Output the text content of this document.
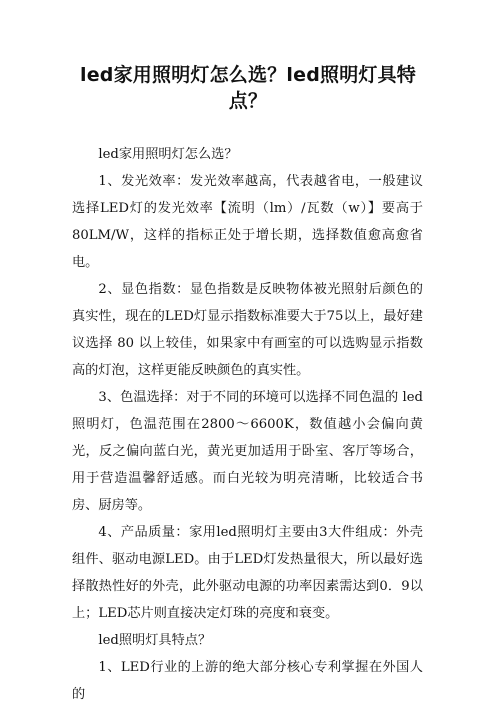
led家用照明灯怎么选？led照明灯具特点？

led家用照明灯怎么选？

1、发光效率：发光效率越高，代表越省电，一般建议选择LED灯的发光效率【流明（lm）/瓦数（w）】要高于80LM/W，这样的指标正处于增长期，选择数值愈高愈省电。

2、显色指数：显色指数是反映物体被光照射后颜色的真实性，现在的LED灯显示指数标准要大于75以上，最好建议选择 80 以上较佳，如果家中有画室的可以选购显示指数高的灯泡，这样更能反映颜色的真实性。

3、色温选择：对于不同的环境可以选择不同色温的 led照明灯，色温范围在2800～6600K，数值越小会偏向黄光，反之偏向蓝白光，黄光更加适用于卧室、客厅等场合，用于营造温馨舒适感。而白光较为明亮清晰，比较适合书房、厨房等。

4、产品质量：家用led照明灯主要由3大件组成：外壳组件、驱动电源LED。由于LED灯发热量很大，所以最好选择散热性好的外壳，此外驱动电源的功率因素需达到0．9以上；LED芯片则直接决定灯珠的亮度和衰变。

led照明灯具特点？

1、LED行业的上游的绝大部分核心专利掌握在外国人的
